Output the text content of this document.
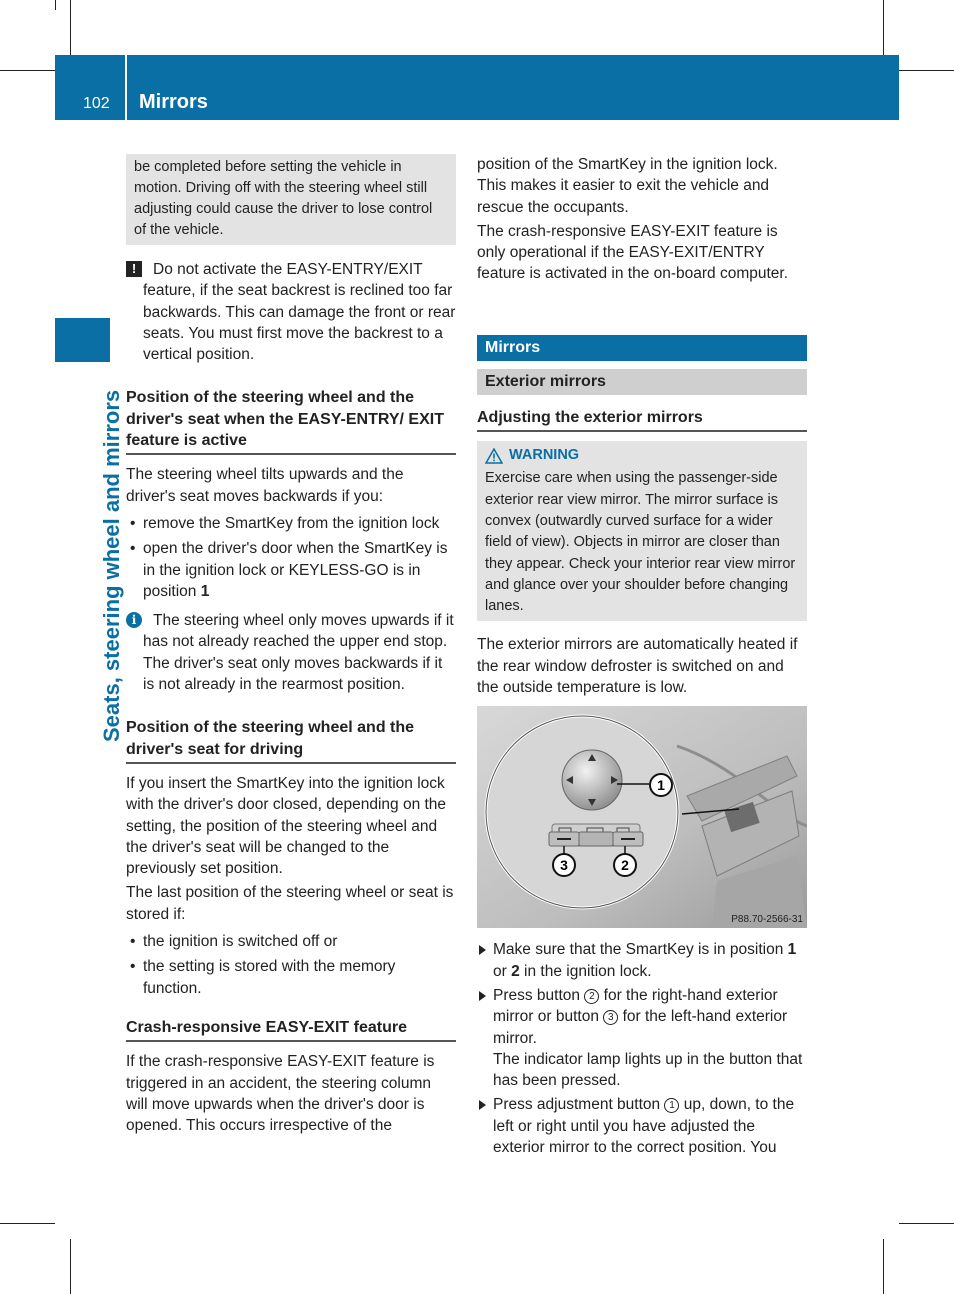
102 Mirrors
Seats, steering wheel and mirrors

be completed before setting the vehicle in motion. Driving off with the steering wheel still adjusting could cause the driver to lose control of the vehicle.

!	Do not activate the EASY-ENTRY/EXIT feature, if the seat backrest is reclined too far backwards. This can damage the front or rear seats. You must first move the backrest to a vertical position.

Position of the steering wheel and the driver's seat when the EASY-ENTRY/ EXIT feature is active

The steering wheel tilts upwards and the driver's seat moves backwards if you:

• remove the SmartKey from the ignition lock
• open the driver's door when the SmartKey is in the ignition lock or KEYLESS-GO is in position 1
i	The steering wheel only moves upwards if it has not already reached the upper end stop. The driver's seat only moves backwards if it is not already in the rearmost position.

Position of the steering wheel and the driver's seat for driving

If you insert the SmartKey into the ignition lock with the driver's door closed, depending on the setting, the position of the steering wheel and the driver's seat will be changed to the previously set position.

The last position of the steering wheel or seat is stored if:

• the ignition is switched off or
• the setting is stored with the memory function.
Crash-responsive EASY-EXIT feature

If the crash-responsive EASY-EXIT feature is triggered in an accident, the steering column will move upwards when the driver's door is opened. This occurs irrespective of the

position of the SmartKey in the ignition lock. This makes it easier to exit the vehicle and rescue the occupants.

The crash-responsive EASY-EXIT feature is only operational if the EASY-EXIT/ENTRY feature is activated in the on-board computer.

Mirrors
Exterior mirrors
Adjusting the exterior mirrors
WARNING

Exercise care when using the passenger-side exterior rear view mirror. The mirror surface is convex (outwardly curved surface for a wider field of view). Objects in mirror are closer than they appear. Check your interior rear view mirror and glance over your shoulder before changing lanes.

The exterior mirrors are automatically heated if the rear window defroster is switched on and the outside temperature is low.

1
3	2
P88.70-2566-31
Make sure that the SmartKey is in position 1 or 2 in the ignition lock.
Press button 2 for the right-hand exterior mirror or button 3 for the left-hand exterior mirror.
The indicator lamp lights up in the button that has been pressed.
Press adjustment button 1 up, down, to the left or right until you have adjusted the exterior mirror to the correct position. You
